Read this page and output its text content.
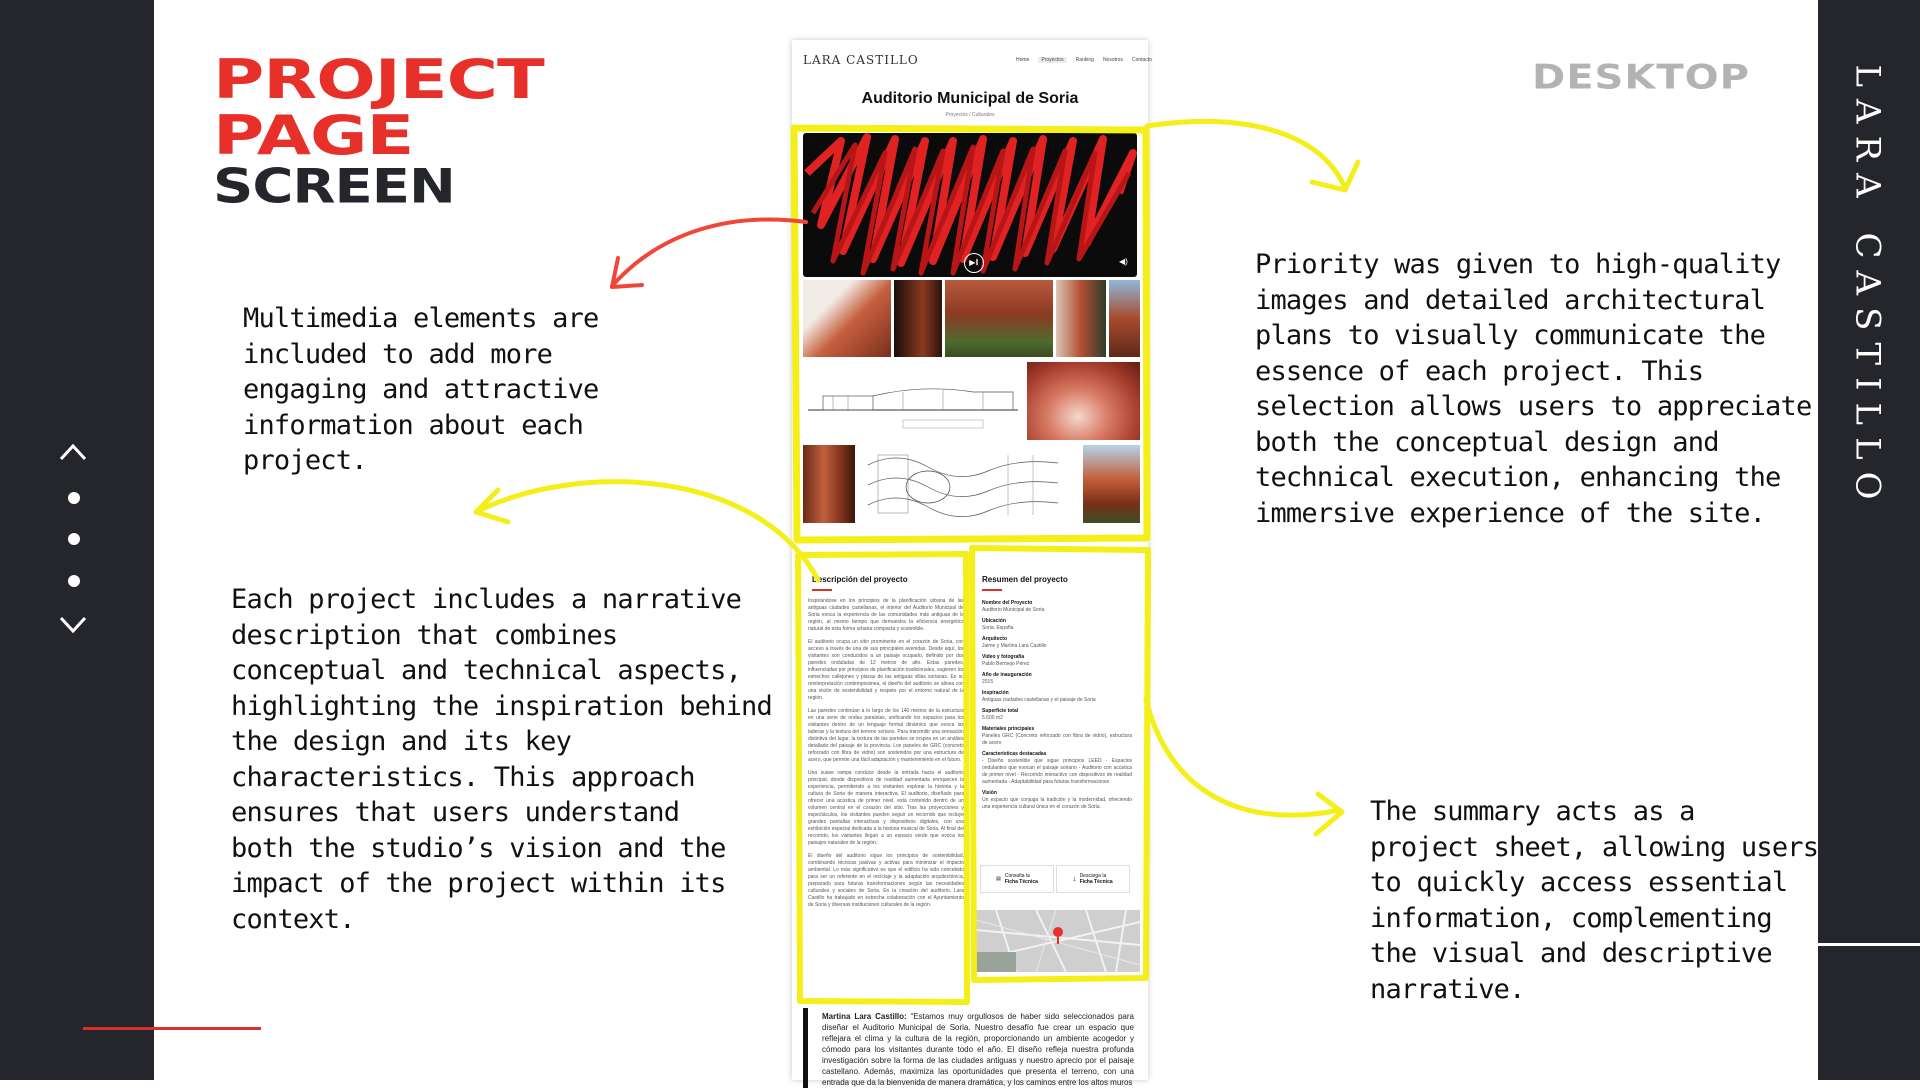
LARA CASTILLO
PROJECT
PAGE
SCREEN
DESKTOP
Multimedia elements are
included to add more
engaging and attractive
information about each
project.
Each project includes a narrative
description that combines
conceptual and technical aspects,
highlighting the inspiration behind
the design and its key
characteristics. This approach
ensures that users understand
both the studio’s vision and the
impact of the project within its
context.
Priority was given to high-quality
images and detailed architectural
plans to visually communicate the
essence of each project. This
selection allows users to appreciate
both the conceptual design and
technical execution, enhancing the
immersive experience of the site.
The summary acts as a
project sheet, allowing users
to quickly access essential
information, complementing
the visual and descriptive
narrative.
LARA CASTILLO	Home	Proyectos	Ranking Nosotros Contacto
Auditorio Municipal de Soria
Proyectos / Culturales
▶‖	◀)
Descripción del proyecto

Inspirándose en los principios de la planificación urbana de las antiguas ciudades castellanas, el interior del Auditorio Municipal de Soria evoca la experiencia de las comunidades más antiguas de la región, al mismo tiempo que demuestra la eficiencia energética natural de esta forma urbana compacta y sostenible.

El auditorio ocupa un sitio prominente en el corazón de Soria, con acceso a través de una de sus principales avenidas. Desde aquí, los visitantes son conducidos a un paisaje ocupado, definido por dos paredes onduladas de 12 metros de alto. Estas paredes, influenciadas por principios de planificación tradicionales, sugieren los estrechos callejones y plazas de las antiguas villas sorianas. En su reinterpretación contemporánea, el diseño del auditorio se alinea con una visión de sostenibilidad y respeto por el entorno natural de la región.

Las paredes continúan a lo largo de los 140 metros de la estructura en una serie de ondas paralelas, unificando los espacios para los visitantes dentro de un lenguaje formal dinámico que evoca las laderas y la textura del terreno soriano. Para transmitir una sensación distintiva del lugar, la textura de las paredes se inspira en un análisis detallado del paisaje de la provincia. Los paneles de GRC (concreto reforzado con fibra de vidrio) son sostenidos por una estructura de acero, que permite una fácil adaptación y mantenimiento en el futuro.

Una suave rampa conduce desde la entrada hacia el auditorio principal, donde dispositivos de realidad aumentada enriquecen la experiencia, permitiendo a los visitantes explorar la historia y la cultura de Soria de manera interactiva. El auditorio, diseñado para ofrecer una acústica de primer nivel, está contenido dentro de un volumen central en el corazón del sitio. Tras las proyecciones y espectáculos, los visitantes pueden seguir un recorrido que incluye grandes pantallas interactivas y dispositivos digitales, con una exhibición especial dedicada a la historia musical de Soria. Al final del recorrido, los visitantes llegan a un espacio verde que evoca los paisajes naturales de la región.

El diseño del auditorio sigue los principios de sostenibilidad, combinando técnicas pasivas y activas para minimizar el impacto ambiental. Lo más significativo es que el edificio ha sido concebido para ser un referente en el reciclaje y la adaptación arquitectónica, preparado para futuras transformaciones según las necesidades culturales y sociales de Soria. En la creación del auditorio, Lara Castillo ha trabajado en estrecha colaboración con el Ayuntamiento de Soria y diversas instituciones culturales de la región.

Resumen del proyecto
Nombre del Proyecto
Auditorio Municipal de Soria
Ubicación
Soria, España
Arquitecto
Jaime y Martina Lara Castillo
Video y fotografía
Pablo Bermejo Pérez
Año de inauguración
2015
Inspiración
Antiguas ciudades castellanas y el paisaje de Soria
Superficie total
5.600 m2
Materiales principales
Paneles GRC (Concreto reforzado con fibra de vidrio), estructura de acero
Características destacadas
- Diseño sostenible que sigue principios LEED - Espacios ondulantes que evocan el paisaje soriano - Auditorio con acústica de primer nivel - Recorrido interactivo con dispositivos de realidad aumentada - Adaptabilidad para futuras transformaciones
Visión
Un espacio que conjuga la tradición y la modernidad, ofreciendo una experiencia cultural única en el corazón de Soria.
▤ Consulta la
Ficha Técnica	⤓ Descarga la
Ficha Técnica
Martina Lara Castillo: “Estamos muy orgullosos de haber sido seleccionados para diseñar el Auditorio Municipal de Soria. Nuestro desafío fue crear un espacio que reflejara el clima y la cultura de la región, proporcionando un ambiente acogedor y cómodo para los visitantes durante todo el año. El diseño refleja nuestra profunda investigación sobre la forma de las ciudades antiguas y nuestro aprecio por el paisaje castellano. Además, maximiza las oportunidades que presenta el terreno, con una entrada que da la bienvenida de manera dramática, y los caminos entre los altos muros
